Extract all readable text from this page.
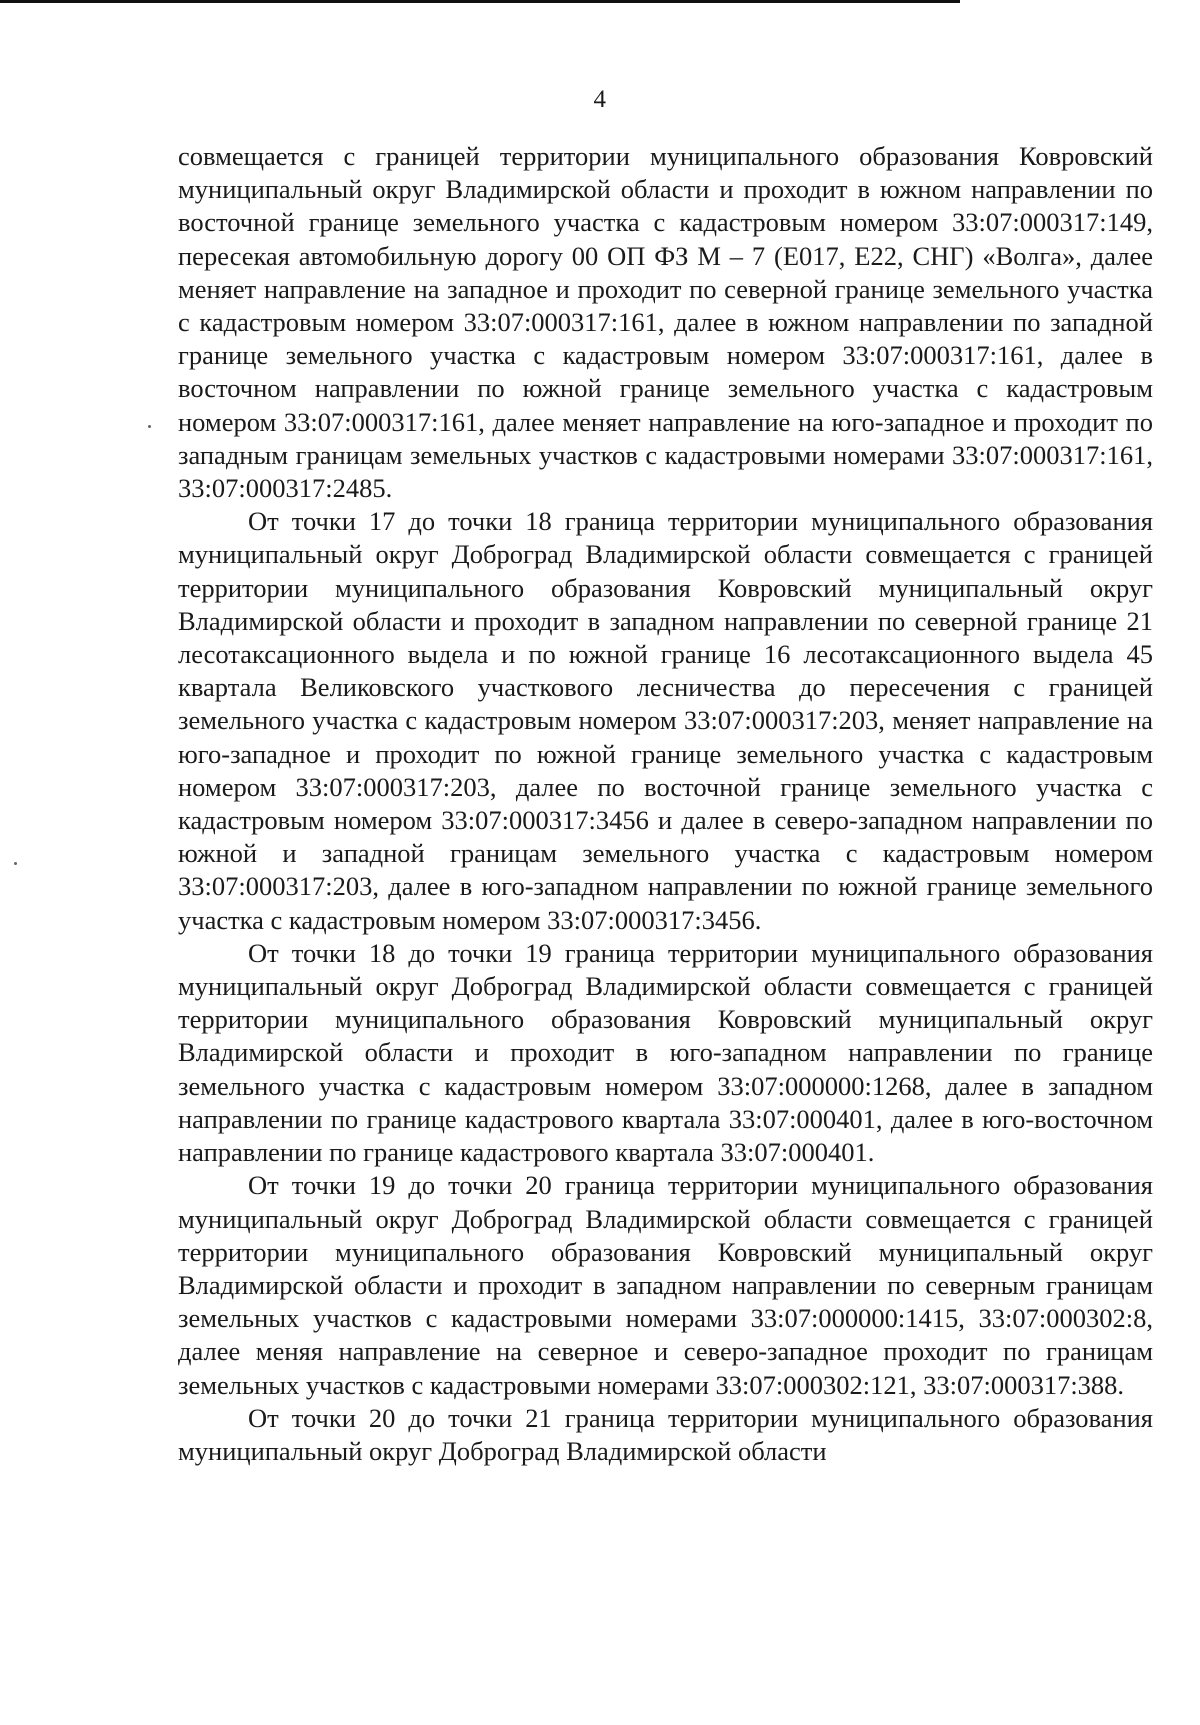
4

совмещается с границей территории муниципального образования Ковровский муниципальный округ Владимирской области и проходит в южном направлении по восточной границе земельного участка с кадастровым номером 33:07:000317:149, пересекая автомобильную дорогу 00 ОП ФЗ М – 7 (Е017, Е22, СНГ) «Волга», далее меняет направление на западное и проходит по северной границе земельного участка с кадастровым номером 33:07:000317:161, далее в южном направлении по западной границе земельного участка с кадастровым номером 33:07:000317:161, далее в восточном направлении по южной границе земельного участка с кадастровым номером 33:07:000317:161, далее меняет направление на юго-западное и проходит по западным границам земельных участков с кадастровыми номерами 33:07:000317:161, 33:07:000317:2485.

От точки 17 до точки 18 граница территории муниципального образования муниципальный округ Доброград Владимирской области совмещается с границей территории муниципального образования Ковровский муниципальный округ Владимирской области и проходит в западном направлении по северной границе 21 лесотаксационного выдела и по южной границе 16 лесотаксационного выдела 45 квартала Великовского участкового лесничества до пересечения с границей земельного участка с кадастровым номером 33:07:000317:203, меняет направление на юго-западное и проходит по южной границе земельного участка с кадастровым номером 33:07:000317:203, далее по восточной границе земельного участка с кадастровым номером 33:07:000317:3456 и далее в северо-западном направлении по южной и западной границам земельного участка с кадастровым номером 33:07:000317:203, далее в юго-западном направлении по южной границе земельного участка с кадастровым номером 33:07:000317:3456.

От точки 18 до точки 19 граница территории муниципального образования муниципальный округ Доброград Владимирской области совмещается с границей территории муниципального образования Ковровский муниципальный округ Владимирской области и проходит в юго-западном направлении по границе земельного участка с кадастровым номером 33:07:000000:1268, далее в западном направлении по границе кадастрового квартала 33:07:000401, далее в юго-восточном направлении по границе кадастрового квартала 33:07:000401.

От точки 19 до точки 20 граница территории муниципального образования муниципальный округ Доброград Владимирской области совмещается с границей территории муниципального образования Ковровский муниципальный округ Владимирской области и проходит в западном направлении по северным границам земельных участков с кадастровыми номерами 33:07:000000:1415, 33:07:000302:8, далее меняя направление на северное и северо-западное проходит по границам земельных участков с кадастровыми номерами 33:07:000302:121, 33:07:000317:388.

От точки 20 до точки 21 граница территории муниципального образования муниципальный округ Доброград Владимирской области
